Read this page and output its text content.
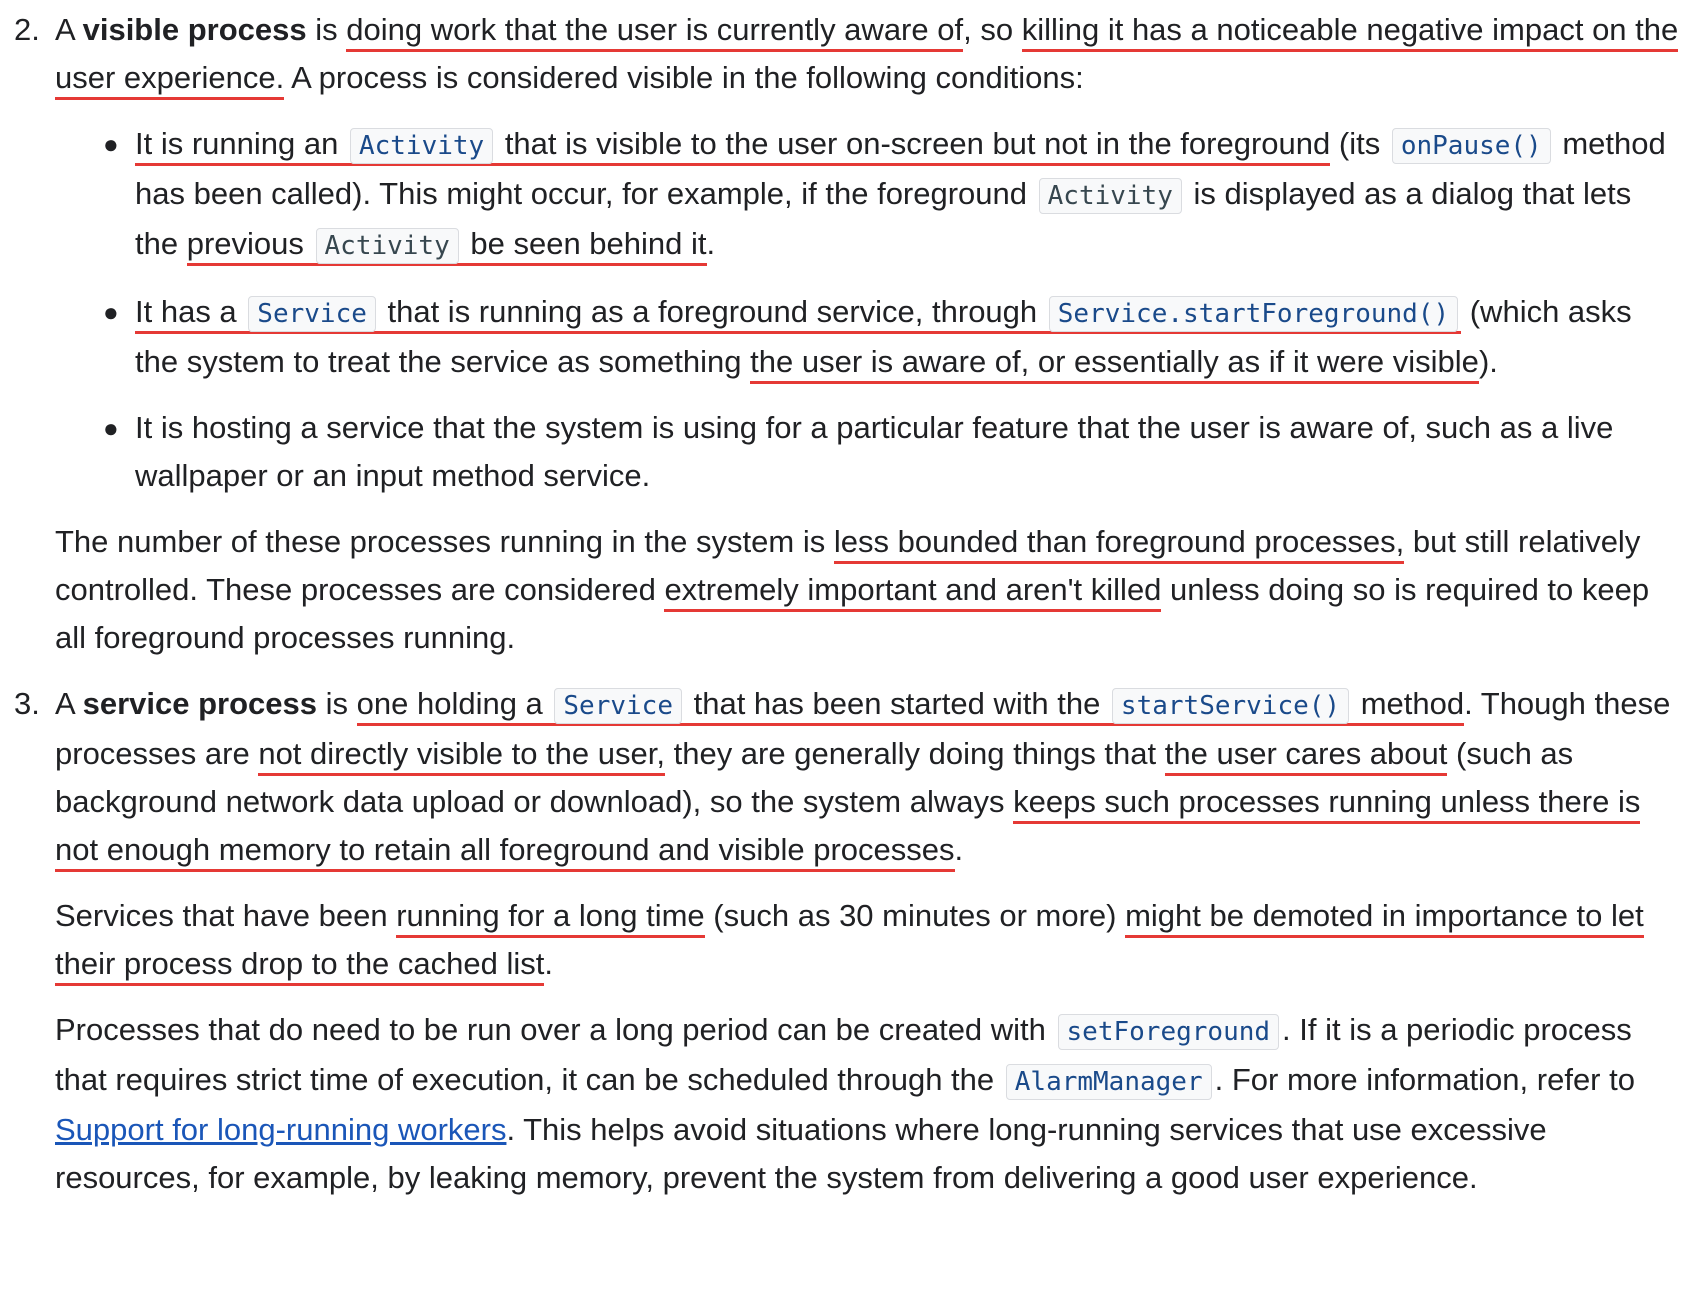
2. A visible process is doing work that the user is currently aware of, so killing it has a noticeable negative impact on the user experience. A process is considered visible in the following conditions:

● It is running an Activity that is visible to the user on-screen but not in the foreground (its onPause() method has been called). This might occur, for example, if the foreground Activity is displayed as a dialog that lets the previous Activity be seen behind it.
● It has a Service that is running as a foreground service, through Service.startForeground() (which asks the system to treat the service as something the user is aware of, or essentially as if it were visible).
● It is hosting a service that the system is using for a particular feature that the user is aware of, such as a live wallpaper or an input method service.

The number of these processes running in the system is less bounded than foreground processes, but still relatively controlled. These processes are considered extremely important and aren't killed unless doing so is required to keep all foreground processes running.

3. A service process is one holding a Service that has been started with the startService() method. Though these processes are not directly visible to the user, they are generally doing things that the user cares about (such as background network data upload or download), so the system always keeps such processes running unless there is not enough memory to retain all foreground and visible processes.

Services that have been running for a long time (such as 30 minutes or more) might be demoted in importance to let their process drop to the cached list.

Processes that do need to be run over a long period can be created with setForeground . If it is a periodic process that requires strict time of execution, it can be scheduled through the AlarmManager . For more information, refer to Support for long-running workers. This helps avoid situations where long-running services that use excessive resources, for example, by leaking memory, prevent the system from delivering a good user experience.
